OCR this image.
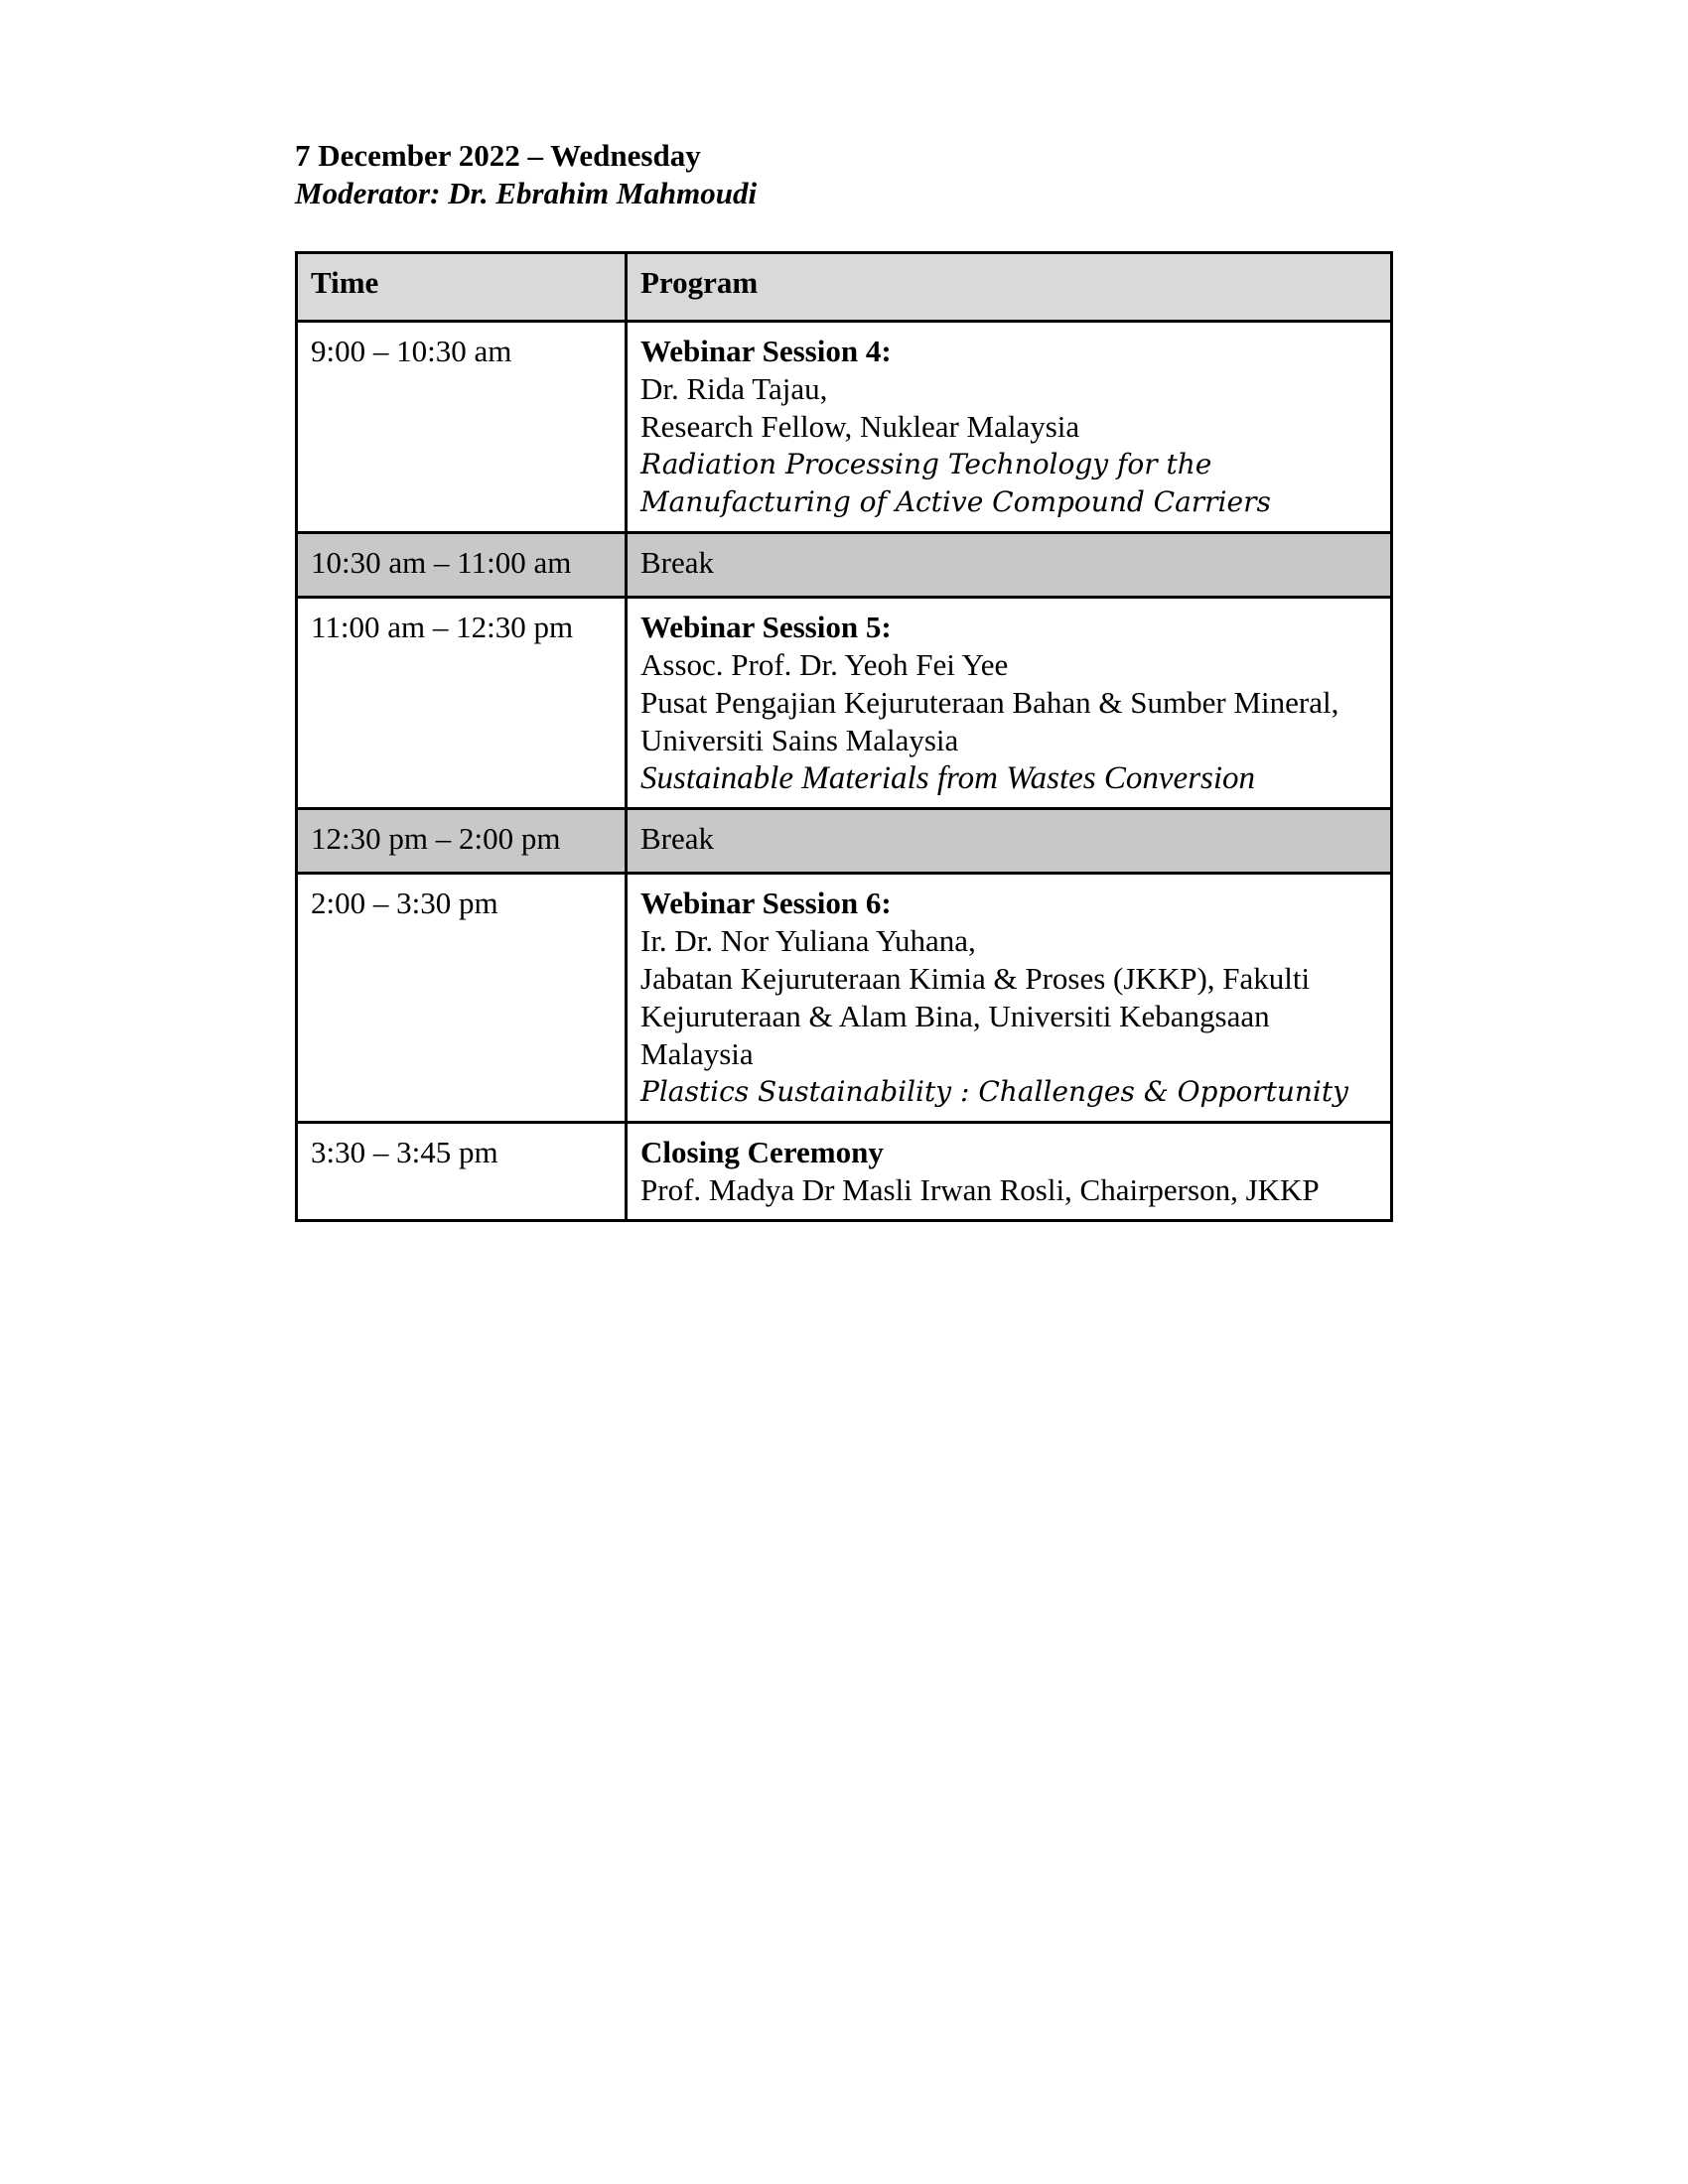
7 December 2022 – Wednesday

Moderator: Dr. Ebrahim Mahmoudi

Time	Program
9:00 – 10:30 am	Webinar Session 4:
Dr. Rida Tajau,
Research Fellow, Nuklear Malaysia
Radiation Processing Technology for the Manufacturing of Active Compound Carriers

10:30 am – 11:00 am	Break
11:00 am – 12:30 pm	Webinar Session 5:
Assoc. Prof. Dr. Yeoh Fei Yee
Pusat Pengajian Kejuruteraan Bahan & Sumber Mineral, Universiti Sains Malaysia
Sustainable Materials from Wastes Conversion

12:30 pm – 2:00 pm	Break
2:00 – 3:30 pm	Webinar Session 6:
Ir. Dr. Nor Yuliana Yuhana,
Jabatan Kejuruteraan Kimia & Proses (JKKP), Fakulti Kejuruteraan & Alam Bina, Universiti Kebangsaan Malaysia
Plastics Sustainability : Challenges & Opportunity

3:30 – 3:45 pm	Closing Ceremony
Prof. Madya Dr Masli Irwan Rosli, Chairperson, JKKP
